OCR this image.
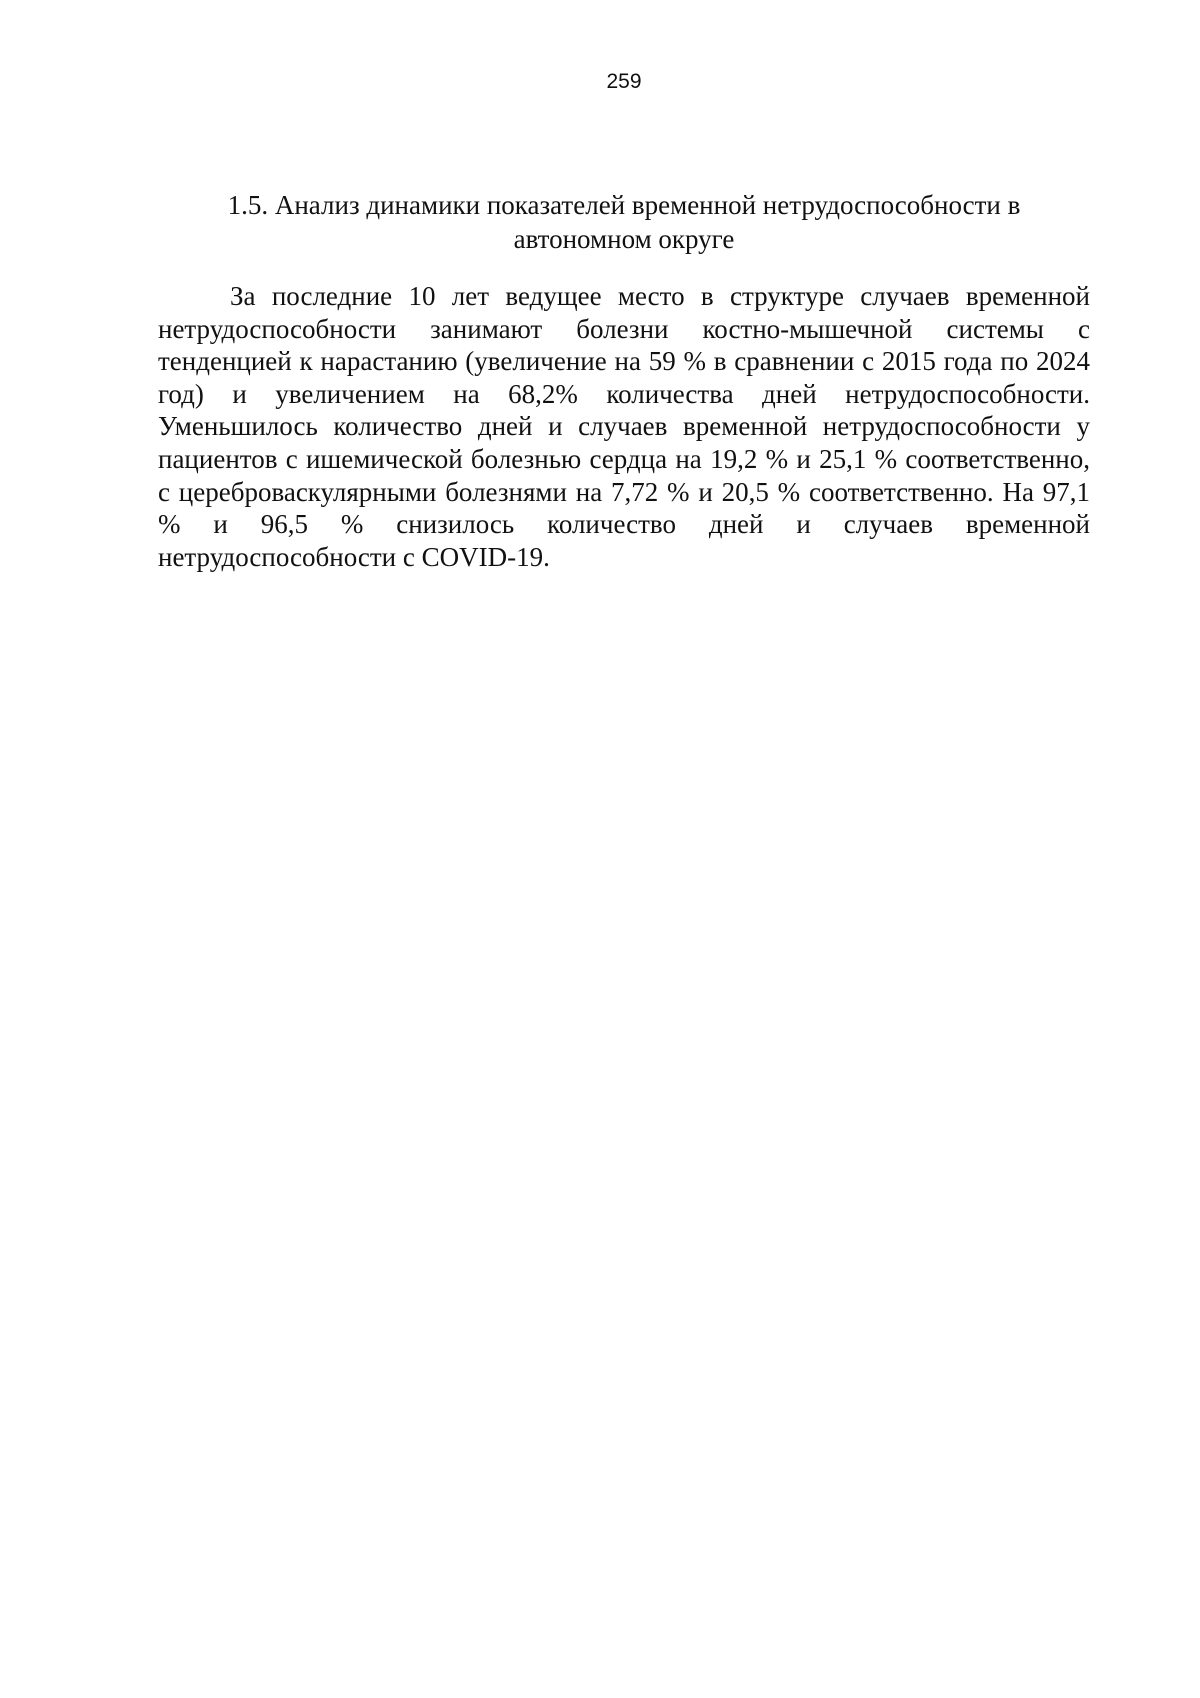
259
1.5. Анализ динамики показателей временной нетрудоспособности в автономном округе

За последние 10 лет ведущее место в структуре случаев временной нетрудоспособности занимают болезни костно-мышечной системы с тенденцией к нарастанию (увеличение на 59 % в сравнении с 2015 года по 2024 год) и увеличением на 68,2% количества дней нетрудоспособности. Уменьшилось количество дней и случаев временной нетрудоспособности у пациентов с ишемической болезнью сердца на 19,2 % и 25,1 % соответственно, с цереброваскулярными болезнями на 7,72 % и 20,5 % соответственно. На 97,1 % и 96,5 % снизилось количество дней и случаев временной нетрудоспособности с COVID-19.
